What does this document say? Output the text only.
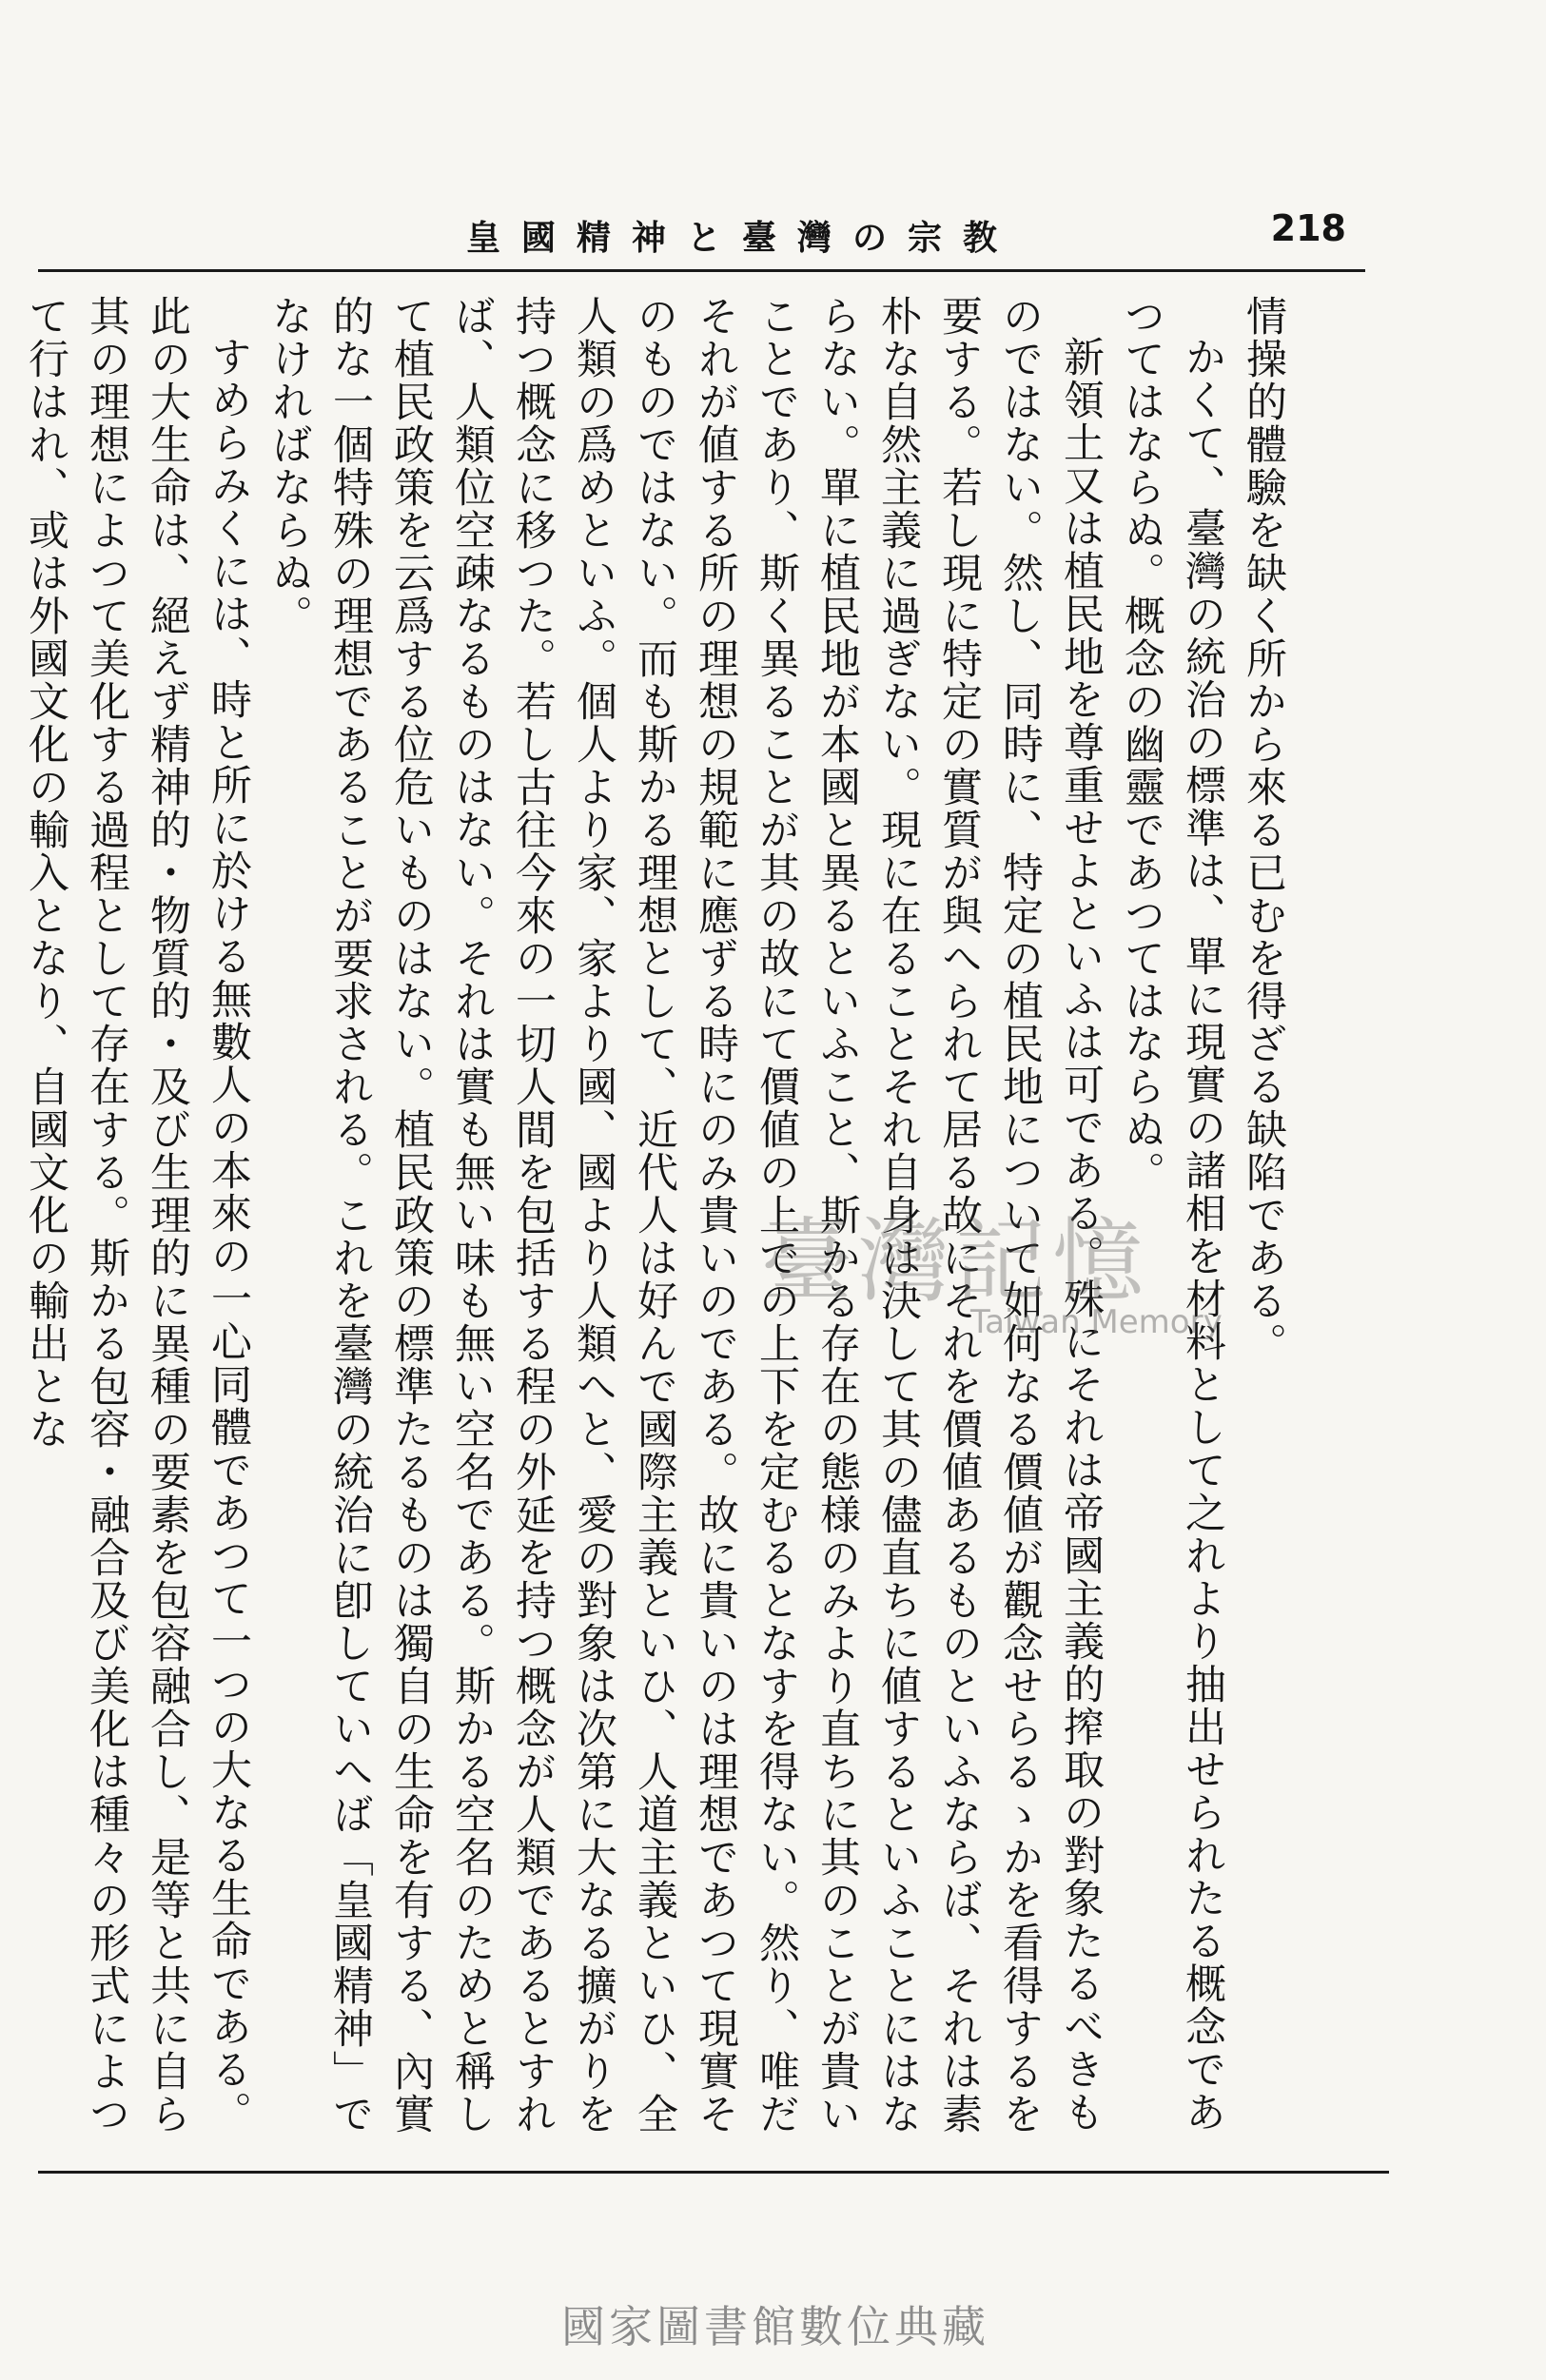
皇國精神と臺灣の宗教	218

情操的體驗を缺く所から來る已むを得ざる缺陷である。

かくて、臺灣の統治の標準は、單に現實の諸相を材料として之れより抽出せられたる概念であつてはならぬ。概念の幽靈であつてはならぬ。

新領土又は植民地を尊重せよといふは可である。殊にそれは帝國主義的搾取の對象たるべきものではない。然し、同時に、特定の植民地について如何なる價値が觀念せらるゝかを看得するを要する。若し現に特定の實質が與へられて居る故にそれを價値あるものといふならば、それは素朴な自然主義に過ぎない。現に在ることそれ自身は決して其の儘直ちに値するといふことにはならない。單に植民地が本國と異るといふこと、斯かる存在の態様のみより直ちに其のことが貴いことであり、斯く異ることが其の故にて價値の上での上下を定むるとなすを得ない。然り、唯だそれが値する所の理想の規範に應ずる時にのみ貴いのである。故に貴いのは理想であつて現實そのものではない。而も斯かる理想として、近代人は好んで國際主義といひ、人道主義といひ、全人類の爲めといふ。個人より家、家より國、國より人類へと、愛の對象は次第に大なる擴がりを持つ概念に移つた。若し古往今來の一切人間を包括する程の外延を持つ概念が人類であるとすれば、人類位空疎なるものはない。それは實も無い味も無い空名である。斯かる空名のためと稱して植民政策を云爲する位危いものはない。植民政策の標準たるものは獨自の生命を有する、內實的な一個特殊の理想であることが要求される。これを臺灣の統治に卽していへば「皇國精神」でなければならぬ。

すめらみくには、時と所に於ける無數人の本來の一心同體であつて一つの大なる生命である。此の大生命は、絕えず精神的・物質的・及び生理的に異種の要素を包容融合し、是等と共に自ら其の理想によつて美化する過程として存在する。斯かる包容・融合及び美化は種々の形式によつて行はれ、或は外國文化の輸入となり、自國文化の輸出とな	臺灣記憶
Taiwan Memory
國家圖書館數位典藏
